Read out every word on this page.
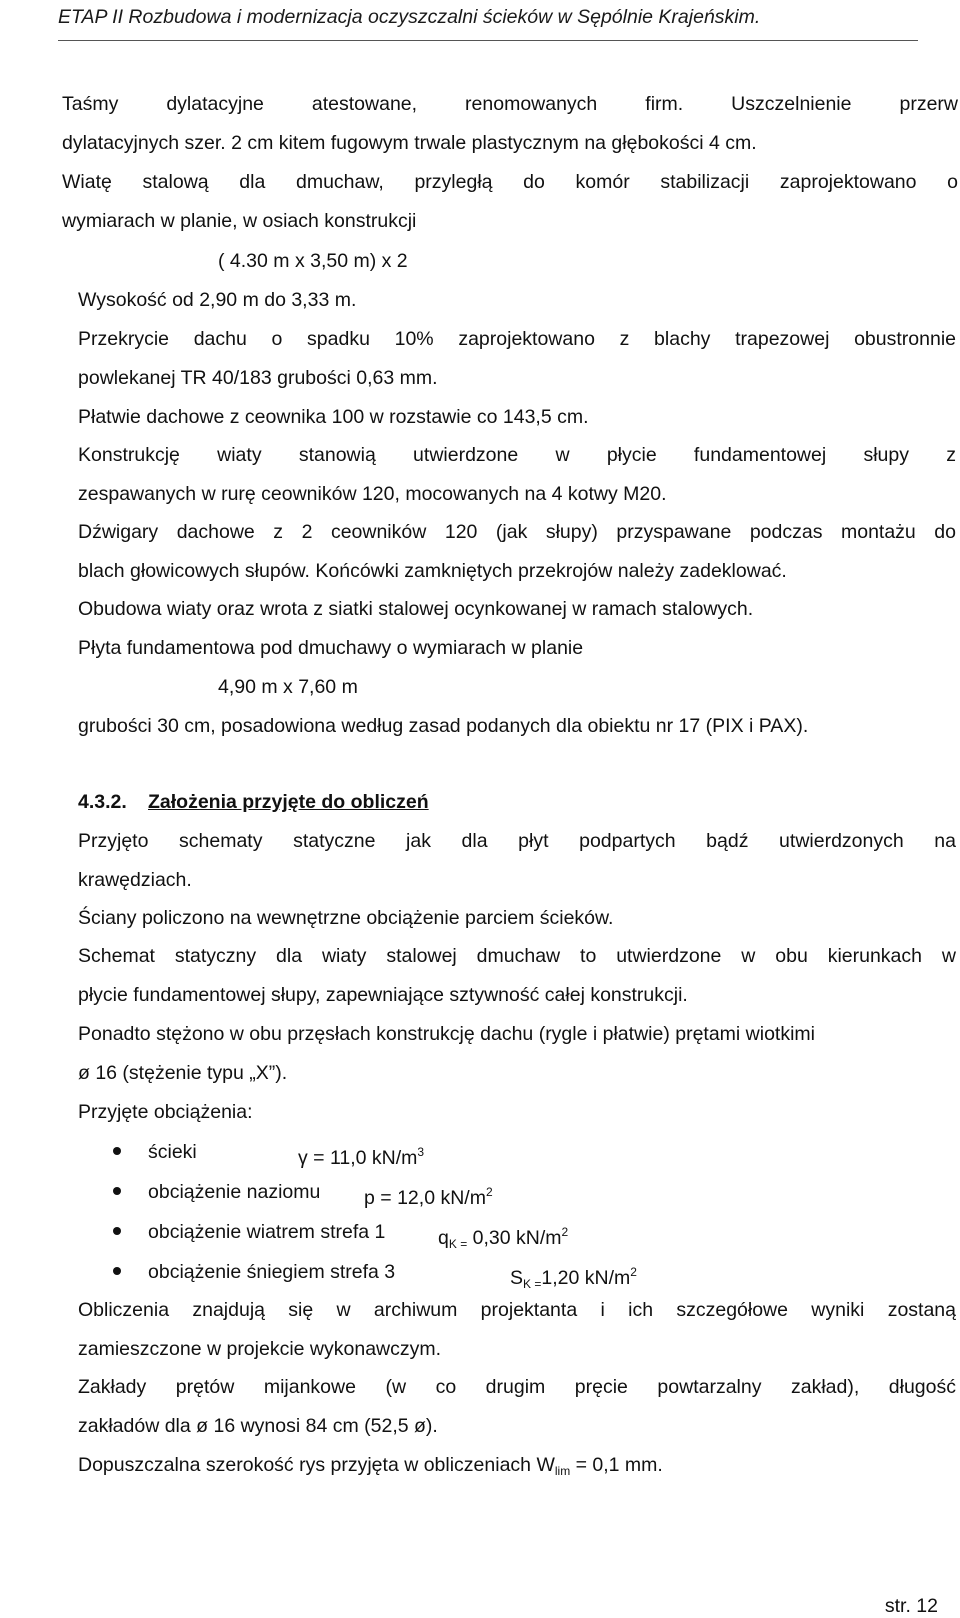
ETAP II Rozbudowa i modernizacja oczyszczalni ścieków w Sępólnie Krajeńskim.
Taśmy dylatacyjne atestowane, renomowanych firm. Uszczelnienie przerw
dylatacyjnych szer. 2 cm kitem fugowym trwale plastycznym na głębokości 4 cm.
Wiatę stalową dla dmuchaw, przyległą do komór stabilizacji zaprojektowano o
wymiarach w planie, w osiach konstrukcji
( 4.30 m x 3,50 m) x 2
Wysokość od 2,90 m do 3,33 m.
Przekrycie dachu o spadku 10% zaprojektowano z blachy trapezowej obustronnie
powlekanej TR 40/183 grubości 0,63 mm.
Płatwie dachowe z ceownika 100 w rozstawie co 143,5 cm.
Konstrukcję wiaty stanowią utwierdzone w płycie fundamentowej słupy z
zespawanych w rurę ceowników 120, mocowanych na 4 kotwy M20.
Dźwigary dachowe z 2 ceowników 120 (jak słupy) przyspawane podczas montażu do
blach głowicowych słupów. Końcówki zamkniętych przekrojów należy zadeklować.
Obudowa wiaty oraz wrota z siatki stalowej ocynkowanej w ramach stalowych.
Płyta fundamentowa pod dmuchawy o wymiarach w planie
4,90 m x 7,60 m
grubości 30 cm, posadowiona według zasad podanych dla obiektu nr 17 (PIX i PAX).
4.3.2. Założenia przyjęte do obliczeń
Przyjęto schematy statyczne jak dla płyt podpartych bądź utwierdzonych na
krawędziach.
Ściany policzono na wewnętrzne obciążenie parciem ścieków.
Schemat statyczny dla wiaty stalowej dmuchaw to utwierdzone w obu kierunkach w
płycie fundamentowej słupy, zapewniające sztywność całej konstrukcji.
Ponadto stężono w obu przęsłach konstrukcję dachu (rygle i płatwie) prętami wiotkimi
ø 16 (stężenie typu „X”).
Przyjęte obciążenia:
ścieki	γ = 11,0 $kN/m^3$
obciążenie naziomu p = 12,0 $kN/m^2$
obciążenie wiatrem strefa 1	$q_{K =}$ 0,30 $kN/m^2$
obciążenie śniegiem strefa 3	$S_{K =}1,20$ $kN/m^2$
Obliczenia znajdują się w archiwum projektanta i ich szczegółowe wyniki zostaną
zamieszczone w projekcie wykonawczym.
Zakłady prętów mijankowe (w co drugim pręcie powtarzalny zakład), długość
zakładów dla ø 16 wynosi 84 cm (52,5 ø).
Dopuszczalna szerokość rys przyjęta w obliczeniach $W_{lim} = 0,1$ mm.
str. 12
